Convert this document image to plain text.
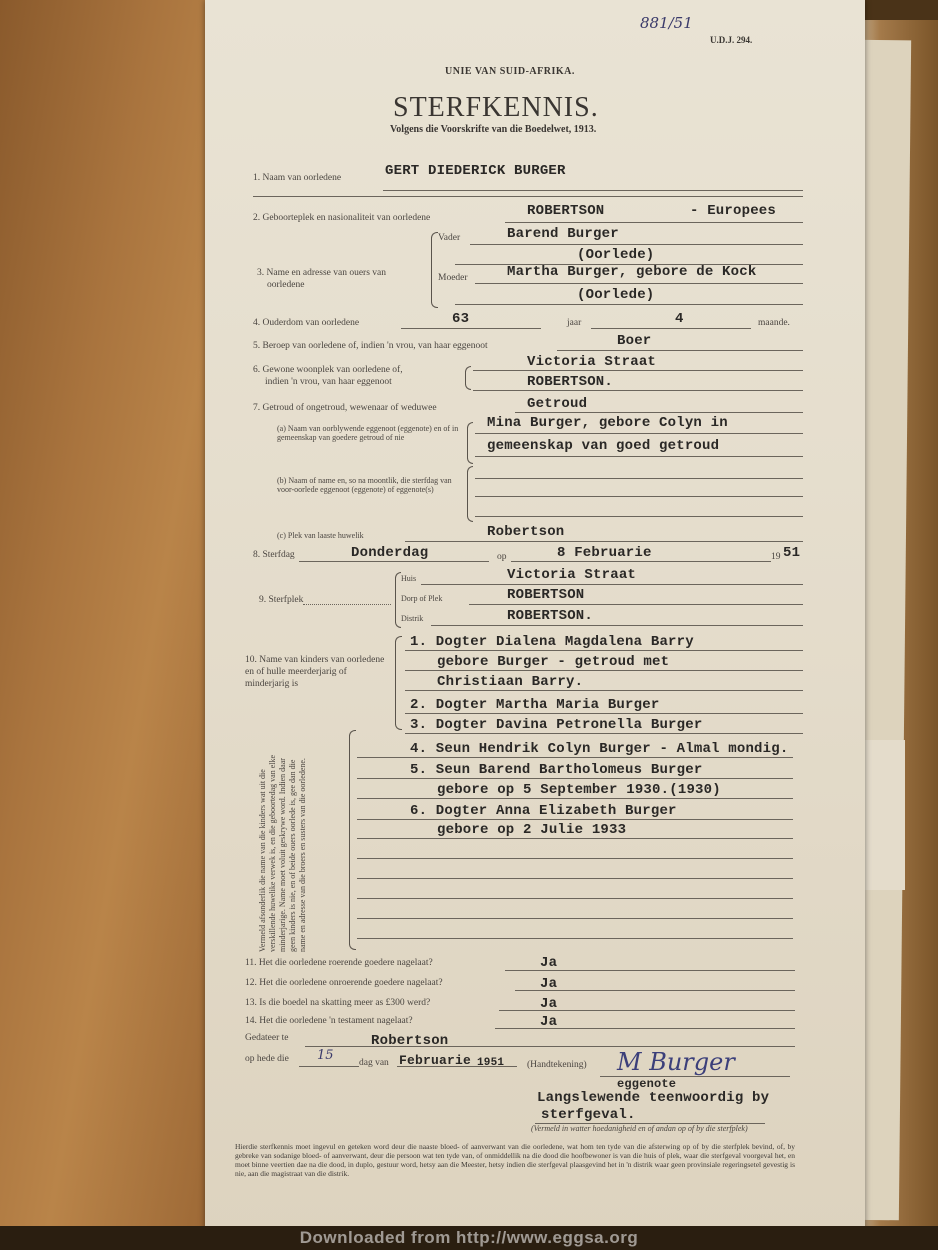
881/51
U.D.J. 294.
UNIE VAN SUID-AFRIKA.
STERFKENNIS.
Volgens die Voorskrifte van die Boedelwet, 1913.
1. Naam van oorledene	GERT DIEDERICK BURGER
2. Geboorteplek en nasionaliteit van oorledene	ROBERTSON	- Europees
3. Name en adresse van ouers van
oorledene
Vader	Barend Burger
(Oorlede)
Moeder	Martha Burger, gebore de Kock
(Oorlede)
4. Ouderdom van oorledene	63	jaar	4	maande.
5. Beroep van oorledene of, indien 'n vrou, van haar eggenoot	Boer
6. Gewone woonplek van oorledene of,
indien 'n vrou, van haar eggenoot
Victoria Straat
ROBERTSON.
7. Getroud of ongetroud, wewenaar of weduwee	Getroud
(a) Naam van oorblywende eggenoot (eggenote) en of in gemeenskap van goedere getroud of nie
Mina Burger, gebore Colyn in
gemeenskap van goed getroud
(b) Naam of name en, so na moontlik, die sterfdag van voor-oorlede eggenoot (eggenote) of eggenote(s)
(c) Plek van laaste huwelik	Robertson
8. Sterfdag	Donderdag	op	8 Februarie	19 51
9. Sterfplek
Huis	Victoria Straat
Dorp of Plek	ROBERTSON
Distrik	ROBERTSON.
10. Name van kinders van oorledene en of hulle meerderjarig of minderjarig is
1. Dogter Dialena Magdalena Barry
gebore Burger - getroud met
Christiaan Barry.
2. Dogter Martha Maria Burger
3. Dogter Davina Petronella Burger
4. Seun Hendrik Colyn Burger - Almal mondig.
5. Seun Barend Bartholomeus Burger
gebore op 5 September 1930.(1930)
6. Dogter Anna Elizabeth Burger
gebore op 2 Julie 1933
11. Het die oorledene roerende goedere nagelaat?	Ja
12. Het die oorledene onroerende goedere nagelaat?	Ja
13. Is die boedel na skatting meer as £300 werd?	Ja
14. Het die oorledene 'n testament nagelaat?	Ja
Gedateer te	Robertson
op hede die 15	dag van Februarie 1951 (Handtekening) M Burger
eggenote
Langslewende teenwoordig by
sterfgeval.
(Vermeld in watter hoedanigheid en of andan op of by die sterfplek)
Hierdie sterfkennis moet ingevul en geteken word deur die naaste bloed- of aanverwant van die oorledene, wat hom ten tyde van die afsterwing op of by die sterfplek bevind, of, by gebreke van sodanige bloed- of aanverwant, deur die persoon wat ten tyde van, of onmiddellik na die dood die hoofbewoner is van die huis of plek, waar die sterfgeval voorgeval het, en moet binne veertien dae na die dood, in duplo, gestuur word, hetsy aan die Meester, hetsy indien die sterfgeval plaasgevind het in 'n distrik waar geen provinsiale regeringsetel gevestig is nie, aan die magistraat van die distrik.
Vermeld afsonderlik die name van die kinders wat uit die verskillende huwelike verwek is, en die geboortedag van elke minderjarige. Name moet voluit geskrywe word. Indien daar geen kinders is nie, en of beide ouers oorlede is, gee dan die name en adresse van die broers en susters van die oorledene.
Downloaded from http://www.eggsa.org
